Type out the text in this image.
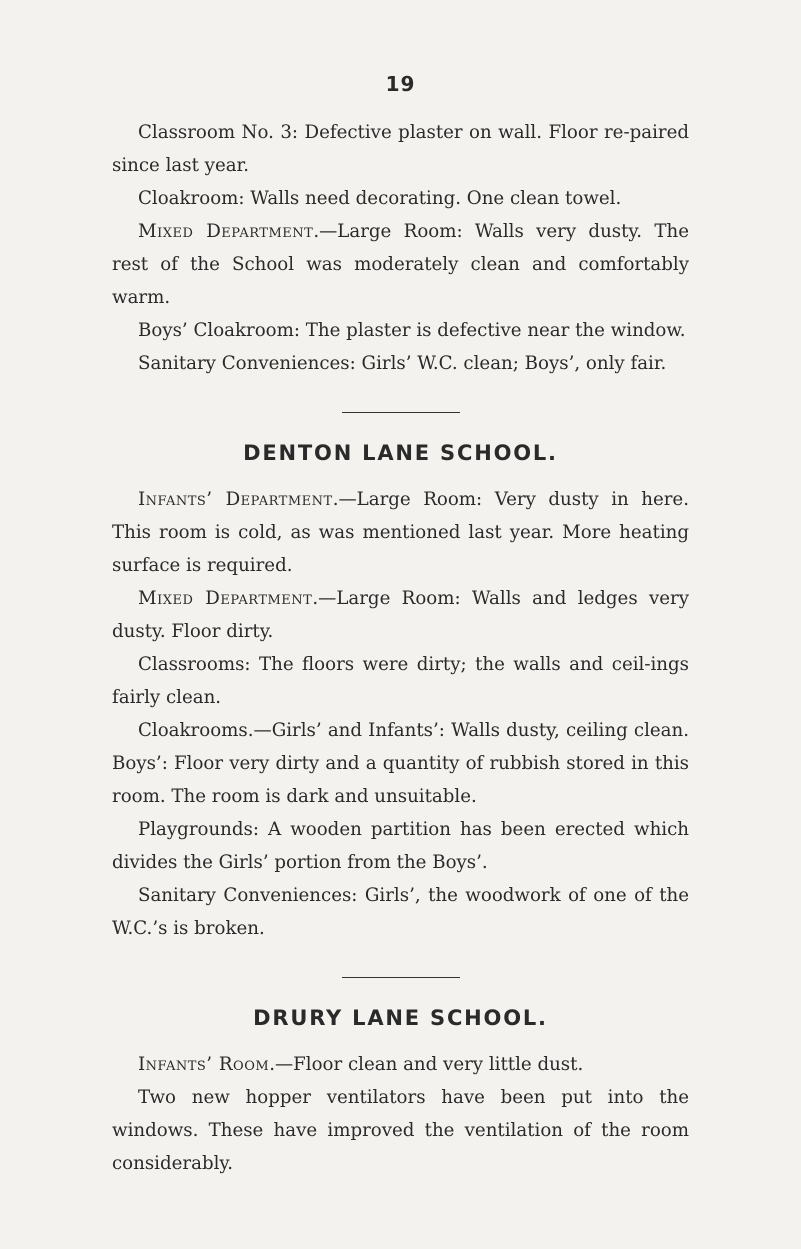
19

Classroom No. 3: Defective plaster on wall. Floor re-paired since last year.

Cloakroom: Walls need decorating. One clean towel.

Mixed Department.—Large Room: Walls very dusty. The rest of the School was moderately clean and comfortably warm.

Boys’ Cloakroom: The plaster is defective near the window.

Sanitary Conveniences: Girls’ W.C. clean; Boys’, only fair.

DENTON LANE SCHOOL.

Infants’ Department.—Large Room: Very dusty in here. This room is cold, as was mentioned last year. More heating surface is required.

Mixed Department.—Large Room: Walls and ledges very dusty. Floor dirty.

Classrooms: The floors were dirty; the walls and ceil-ings fairly clean.

Cloakrooms.—Girls’ and Infants’: Walls dusty, ceiling clean. Boys’: Floor very dirty and a quantity of rubbish stored in this room. The room is dark and unsuitable.

Playgrounds: A wooden partition has been erected which divides the Girls’ portion from the Boys’.

Sanitary Conveniences: Girls’, the woodwork of one of the W.C.’s is broken.

DRURY LANE SCHOOL.

Infants’ Room.—Floor clean and very little dust.

Two new hopper ventilators have been put into the windows. These have improved the ventilation of the room considerably.
